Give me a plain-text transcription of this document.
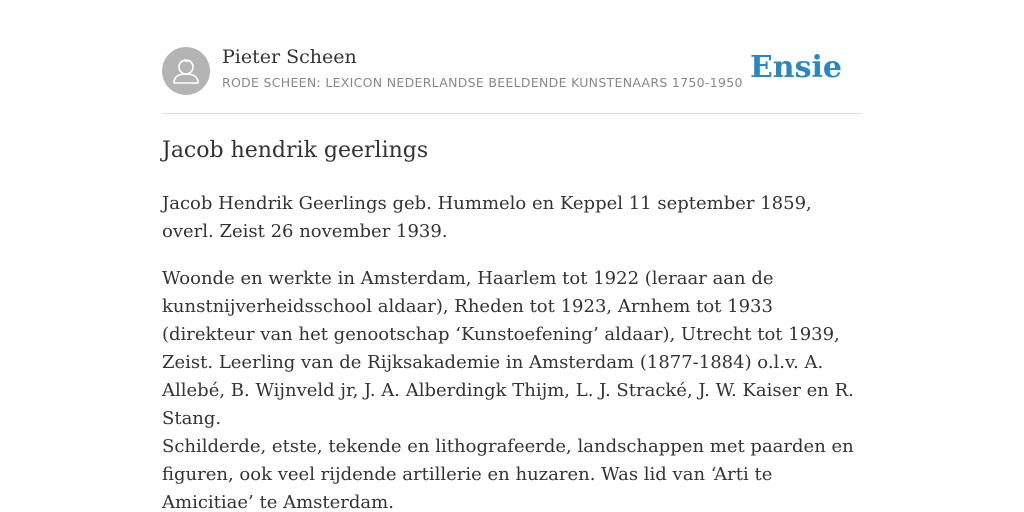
Pieter Scheen
RODE SCHEEN: LEXICON NEDERLANDSE BEELDENDE KUNSTENAARS 1750-1950 Ensie
Jacob hendrik geerlings

Jacob Hendrik Geerlings geb. Hummelo en Keppel 11 september 1859, overl. Zeist 26 november 1939.

Woonde en werkte in Amsterdam, Haarlem tot 1922 (leraar aan de kunstnijverheidsschool aldaar), Rheden tot 1923, Arnhem tot 1933 (direkteur van het genootschap ‘Kunstoefening’ aldaar), Utrecht tot 1939, Zeist. Leerling van de Rijksakademie in Amsterdam (1877-1884) o.l.v. A. Allebé, B. Wijnveld jr, J. A. Alberdingk Thijm, L. J. Stracké, J. W. Kaiser en R. Stang.

Schilderde, etste, tekende en lithografeerde, landschappen met paarden en figuren, ook veel rijdende artillerie en huzaren. Was lid van ‘Arti te Amicitiae’ te Amsterdam.
